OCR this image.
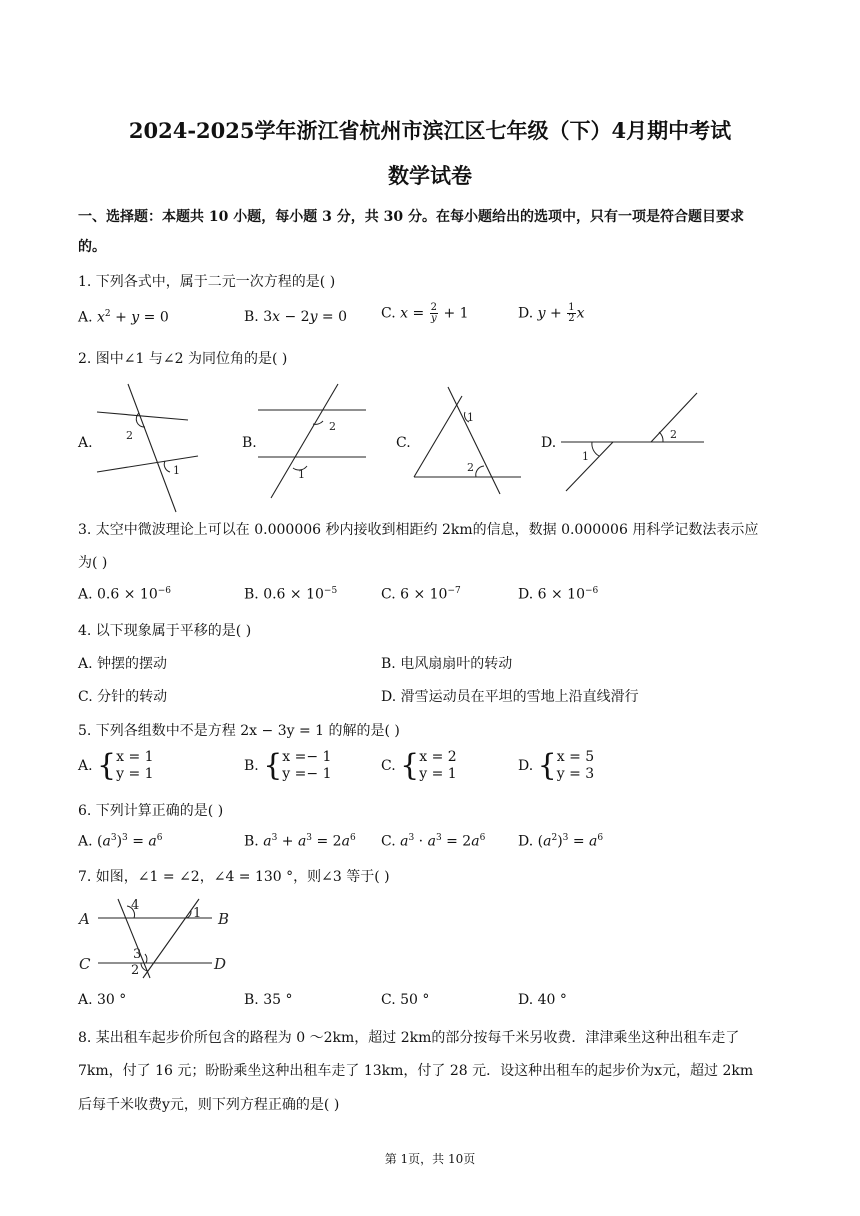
2024-2025学年浙江省杭州市滨江区七年级（下）4月期中考试
数学试卷
一、选择题：本题共 10 小题，每小题 3 分，共 30 分。在每小题给出的选项中，只有一项是符合题目要求
的。
1. 下列各式中，属于二元一次方程的是( )
A. $x^2 + y = 0$	B. 3x − 2y = 0 C. $x = \frac{2}{y} + 1$	D. $y + \frac{1}{2}$ x
2. 图中∠1 与∠2 为同位角的是( )
A.	B.	C.	D.
2
1
2
1
1
2
2
1
3. 太空中微波理论上可以在 0.000006 秒内接收到相距约 2km的信息，数据 0.000006 用科学记数法表示应
为( )
A. $0.6 \times 10^{-6}$	B. $0.6 \times 10^{-5}$	C. $6 \times 10^{-7}$	D. $6 \times 10^{-6}$
4. 以下现象属于平移的是( )
A. 钟摆的摆动	B. 电风扇扇叶的转动
C. 分针的转动	D. 滑雪运动员在平坦的雪地上沿直线滑行
5. 下列各组数中不是方程 2x − 3y = 1 的解的是( )
A. {x = 1
y = 1	B. {x =− 1
y =− 1	C. {x = 2
y = 1	D. {x = 5
y = 3
6. 下列计算正确的是( )
A. $(a^3)^3 = a^6$	B. $a^3 + a^3 = 2a^6$ C. $a^3 \cdot a^3 = 2a^6$ D. $(a^2)^3 = a^6$
7. 如图，∠1 = ∠2，∠4 = 130 °，则∠3 等于( )
A	B
C	D
4
1
3
2
A. 30 °	B. 35 °	C. 50 °	D. 40 °
8. 某出租车起步价所包含的路程为 0 ～2km，超过 2km的部分按每千米另收费．津津乘坐这种出租车走了
7km，付了 16 元；盼盼乘坐这种出租车走了 13km，付了 28 元．设这种出租车的起步价为x元，超过 2km
后每千米收费y元，则下列方程正确的是( )
第 1页，共 10页
